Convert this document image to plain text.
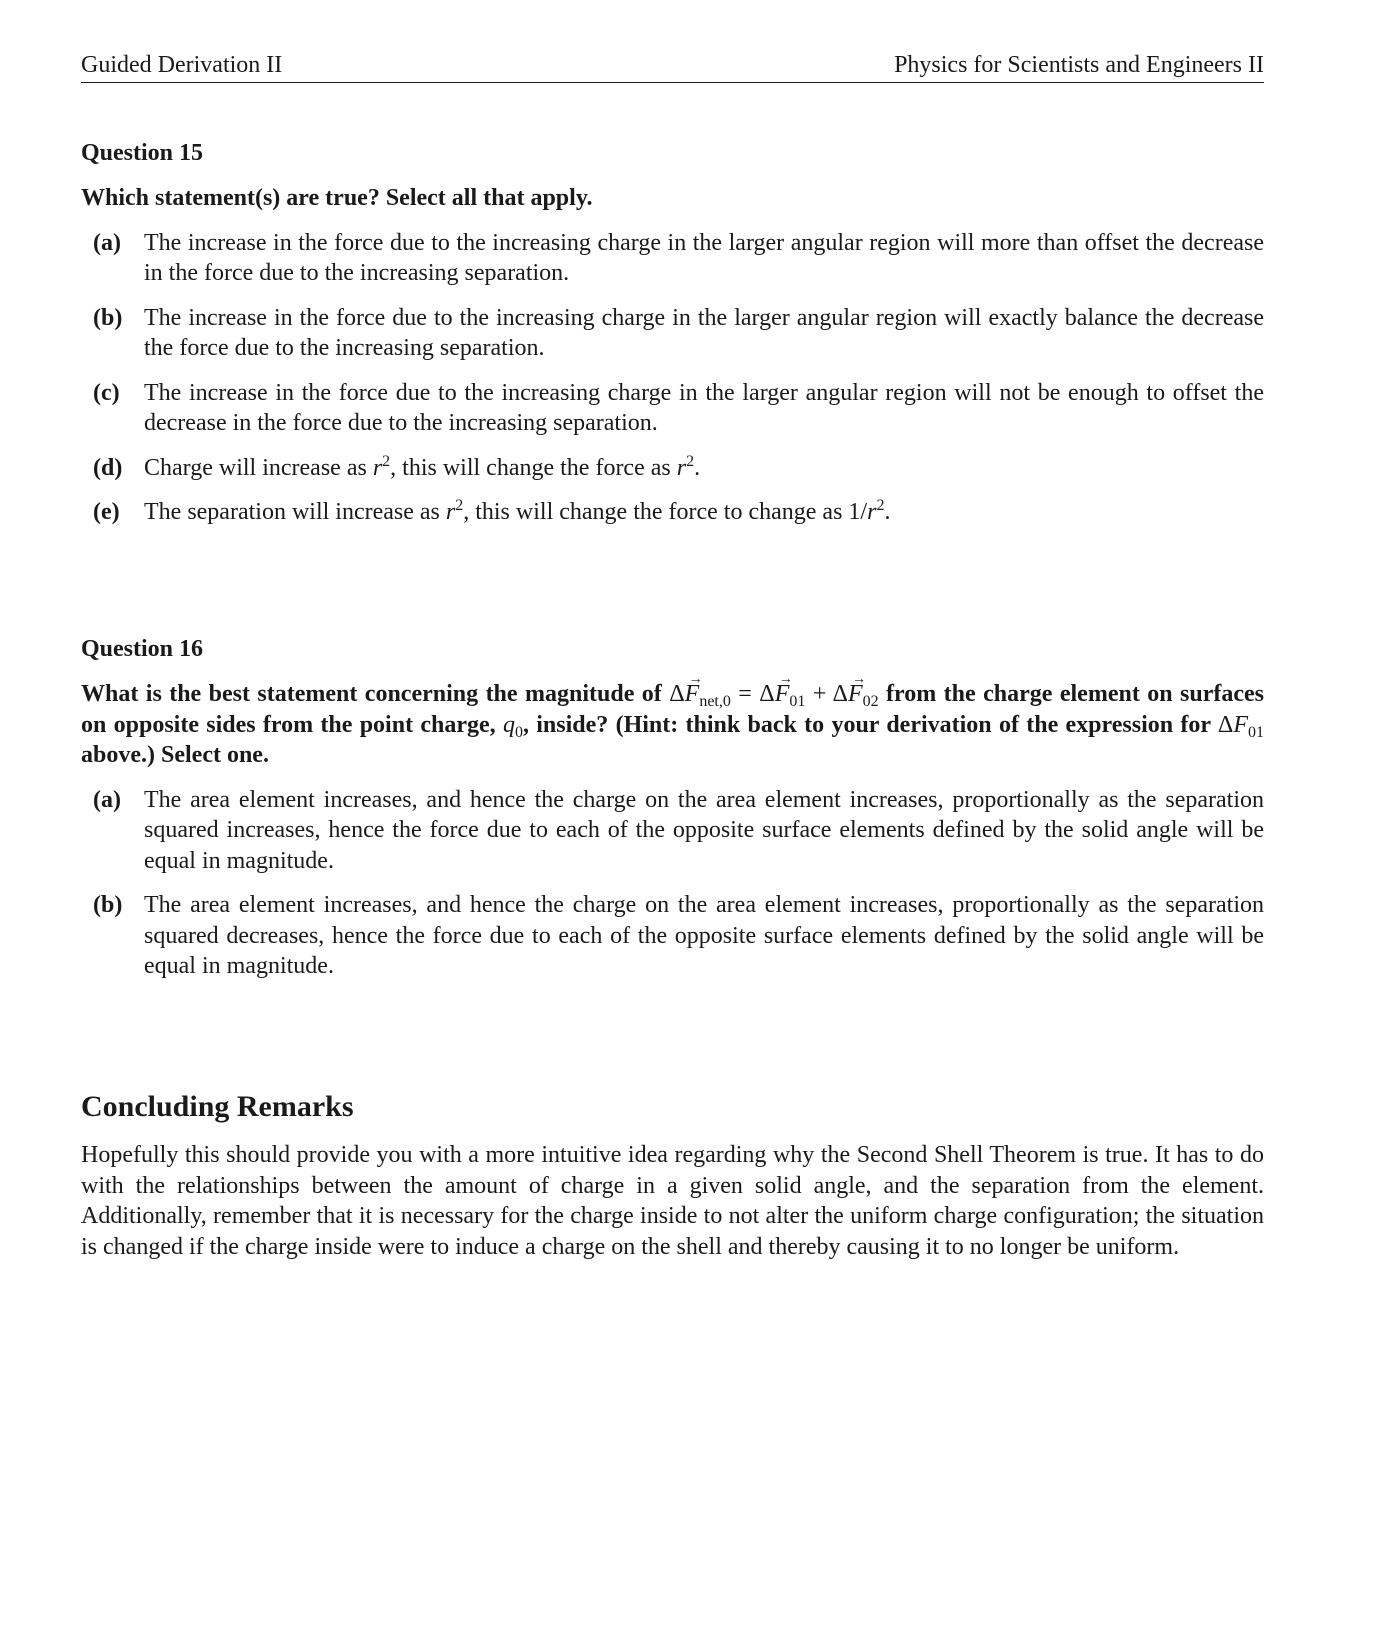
Guided Derivation II	Physics for Scientists and Engineers II
Question 15
Which statement(s) are true? Select all that apply.
(a) The increase in the force due to the increasing charge in the larger angular region will more than offset the decrease in the force due to the increasing separation.
(b) The increase in the force due to the increasing charge in the larger angular region will exactly balance the decrease the force due to the increasing separation.
(c) The increase in the force due to the increasing charge in the larger angular region will not be enough to offset the decrease in the force due to the increasing separation.
(d) Charge will increase as $r^2$, this will change the force as $r^2$.
(e) The separation will increase as $r^2$, this will change the force to change as $1/r^2$.
Question 16
What is the best statement concerning the magnitude of $\Delta\to F_{net,0} = \Delta\to F_{01} + \Delta\to F_{02}$ from the charge element on surfaces on opposite sides from the point charge, $q_0$, inside? (Hint: think back to your derivation of the expression for $\Delta F_{01}$ above.) Select one.
(a) The area element increases, and hence the charge on the area element increases, proportionally as the separation squared increases, hence the force due to each of the opposite surface elements defined by the solid angle will be equal in magnitude.
(b) The area element increases, and hence the charge on the area element increases, proportionally as the separation squared decreases, hence the force due to each of the opposite surface elements defined by the solid angle will be equal in magnitude.
Concluding Remarks
Hopefully this should provide you with a more intuitive idea regarding why the Second Shell Theorem is true. It has to do with the relationships between the amount of charge in a given solid angle, and the separation from the element. Additionally, remember that it is necessary for the charge inside to not alter the uniform charge configuration; the situation is changed if the charge inside were to induce a charge on the shell and thereby causing it to no longer be uniform.
